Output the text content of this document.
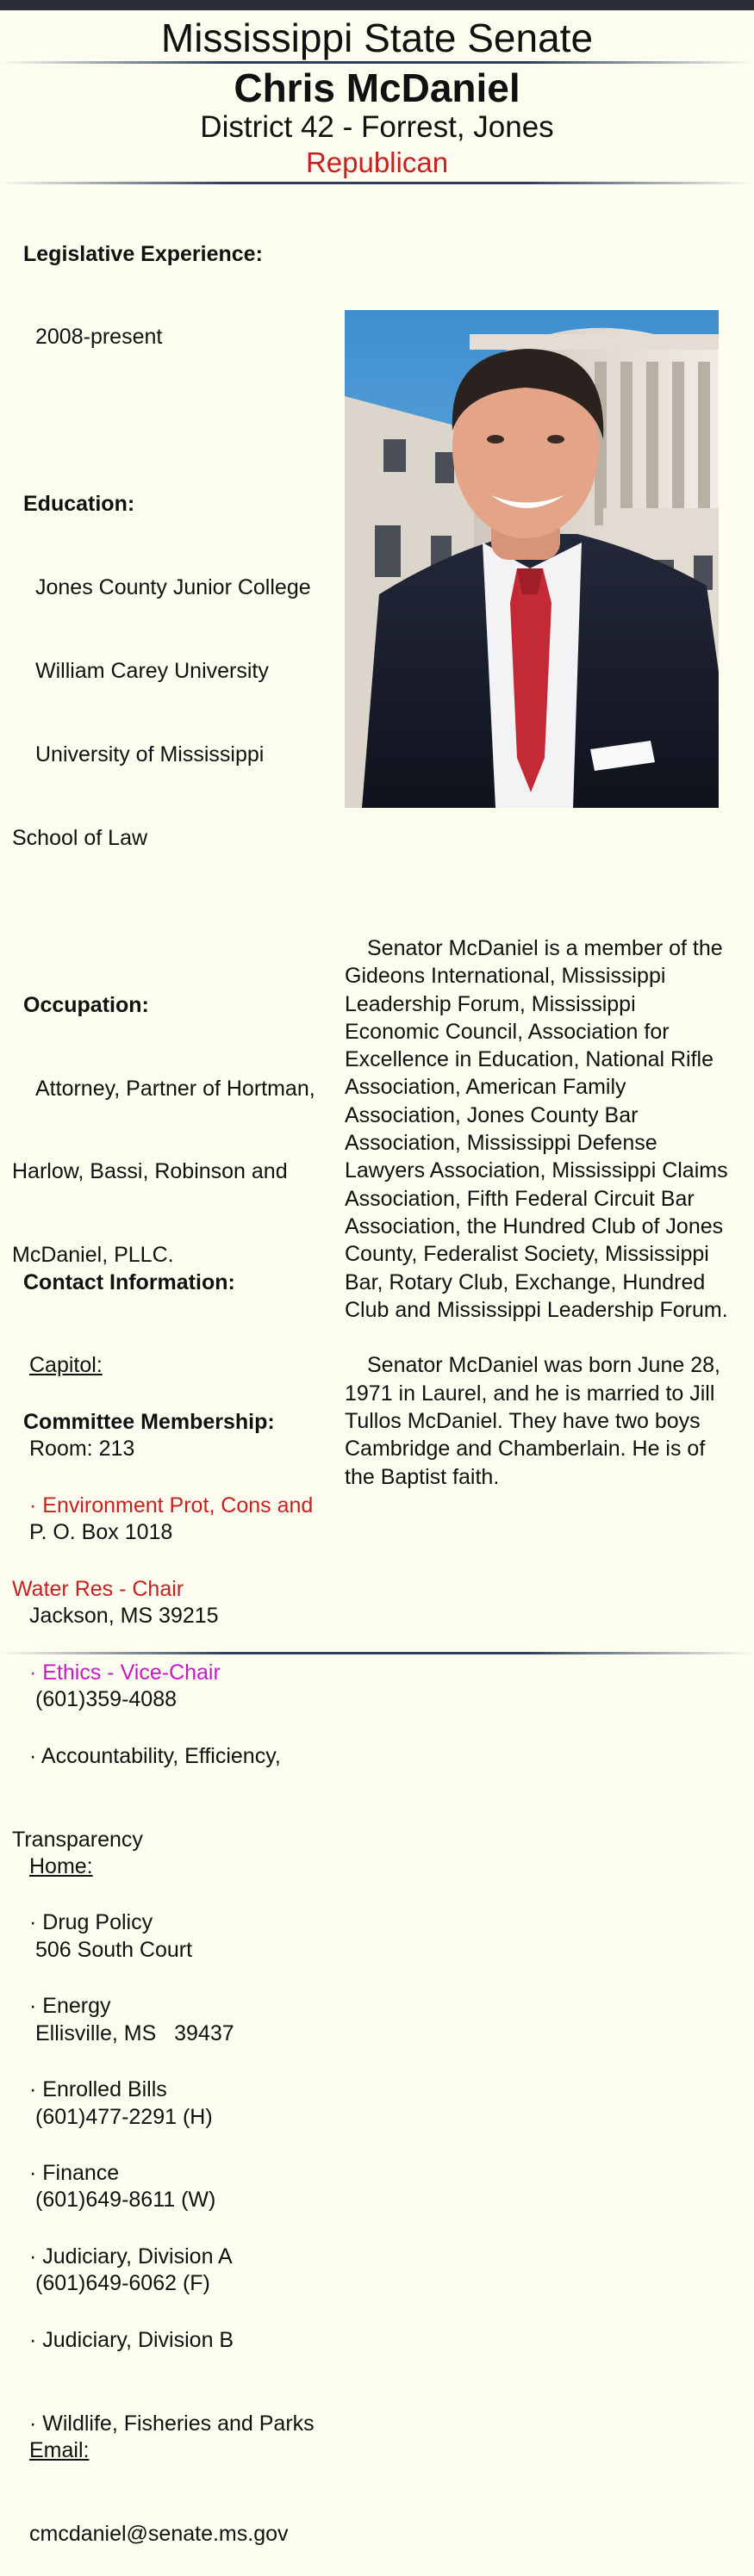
Mississippi State Senate
Chris McDaniel
District 42 - Forrest, Jones
Republican

Legislative Experience:

2008-present

Education:

Jones County Junior College

William Carey University

University of Mississippi

School of Law

Occupation:

Attorney, Partner of Hortman,

Harlow, Bassi, Robinson and

McDaniel, PLLC.

Committee Membership:

· Environment Prot, Cons and

Water Res - Chair

· Ethics - Vice-Chair

· Accountability, Efficiency,

Transparency

· Drug Policy

· Energy

· Enrolled Bills

· Finance

· Judiciary, Division A

· Judiciary, Division B

· Wildlife, Fisheries and Parks

Senator McDaniel is a member of the Gideons International, Mississippi Leadership Forum, Mississippi Economic Council, Association for Excellence in Education, National Rifle Association, American Family Association, Jones County Bar Association, Mississippi Defense Lawyers Association, Mississippi Claims Association, Fifth Federal Circuit Bar Association, the Hundred Club of Jones County, Federalist Society, Mississippi Bar, Rotary Club, Exchange, Hundred Club and Mississippi Leadership Forum.

Senator McDaniel was born June 28, 1971 in Laurel, and he is married to Jill Tullos McDaniel. They have two boys Cambridge and Chamberlain. He is of the Baptist faith.

Contact Information:

Capitol:

Room: 213

P. O. Box 1018

Jackson, MS 39215

(601)359-4088

Home:

506 South Court

Ellisville, MS   39437

(601)477-2291 (H)

(601)649-8611 (W)

(601)649-6062 (F)

Email:

cmcdaniel@senate.ms.gov
